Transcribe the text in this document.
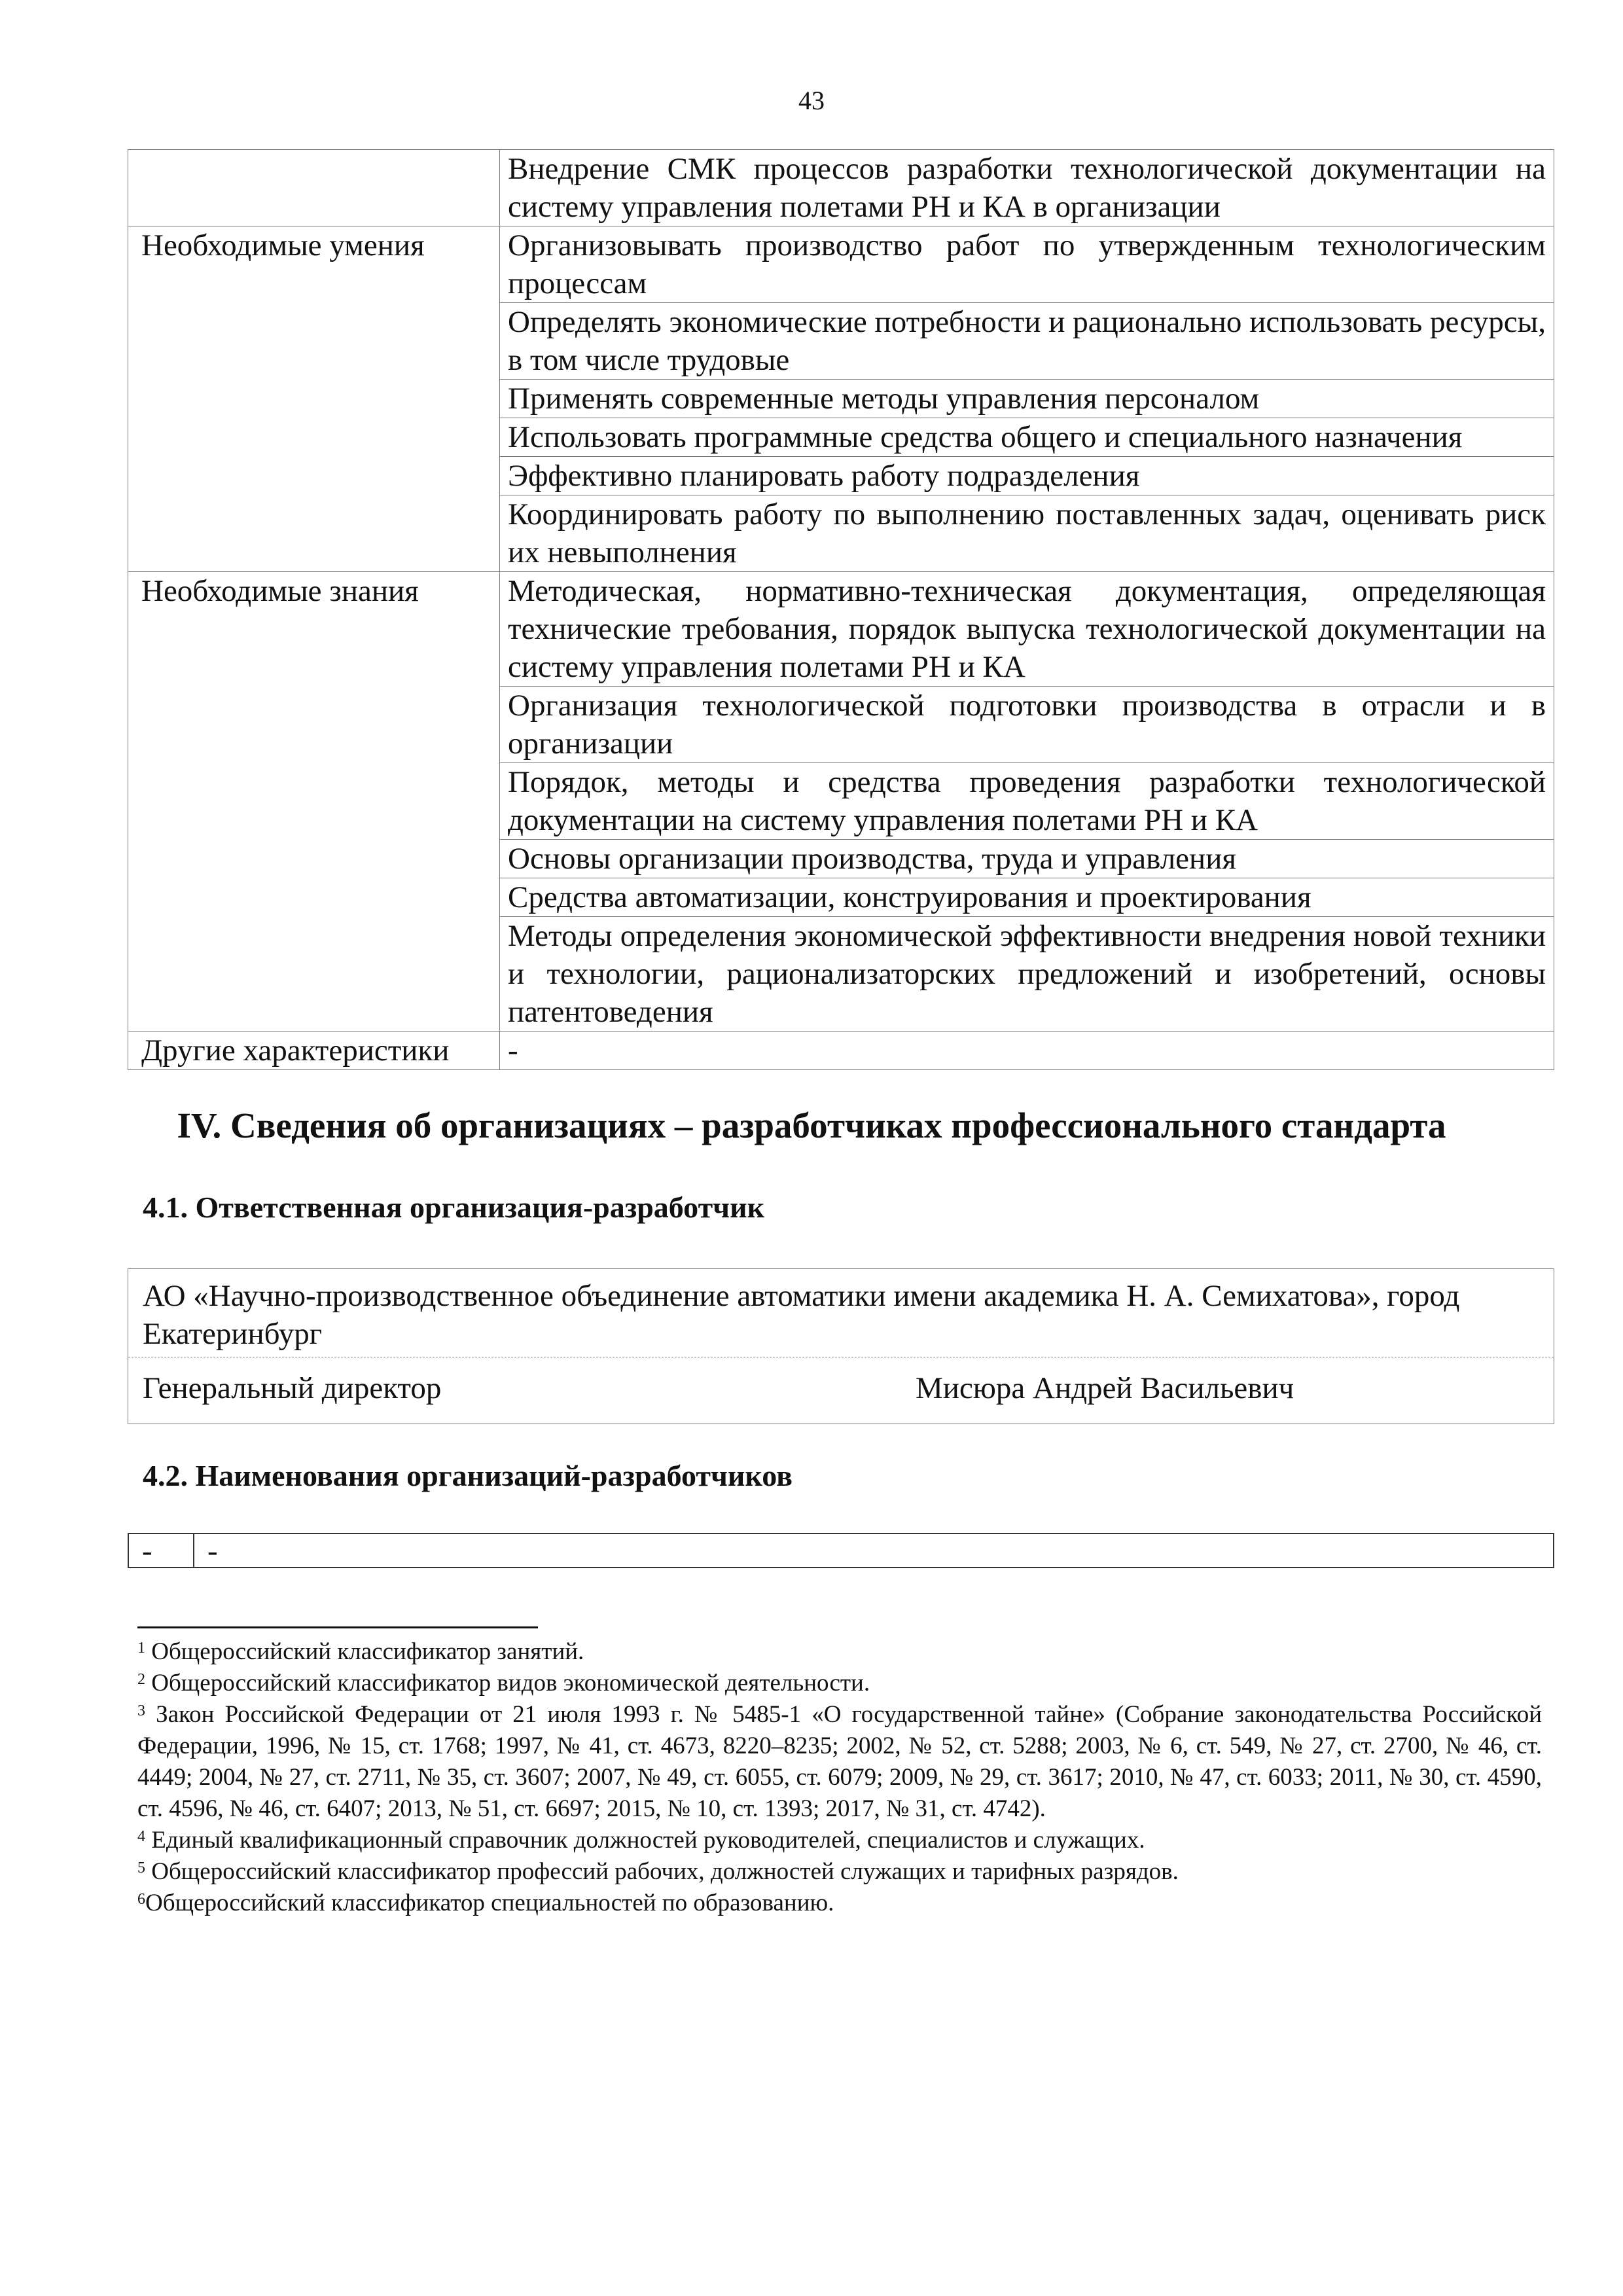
43
	Внедрение СМК процессов разработки технологической документации на систему управления полетами РН и КА в организации
Необходимые умения	Организовывать производство работ по утвержденным технологическим процессам
	Определять экономические потребности и рационально использовать ресурсы, в том числе трудовые
	Применять современные методы управления персоналом
	Использовать программные средства общего и специального назначения
	Эффективно планировать работу подразделения
	Координировать работу по выполнению поставленных задач, оценивать риск их невыполнения
Необходимые знания	Методическая, нормативно-техническая документация, определяющая технические требования, порядок выпуска технологической документации на систему управления полетами РН и КА
	Организация технологической подготовки производства в отрасли и в организации
	Порядок, методы и средства проведения разработки технологической документации на систему управления полетами РН и КА
	Основы организации производства, труда и управления
	Средства автоматизации, конструирования и проектирования
	Методы определения экономической эффективности внедрения новой техники и технологии, рационализаторских предложений и изобретений, основы патентоведения
Другие характеристики	-
IV. Сведения об организациях – разработчиках профессионального стандарта
4.1. Ответственная организация-разработчик
АО «Научно-производственное объединение автоматики имени академика Н. А. Семихатова», город Екатеринбург
Генеральный директор	Мисюра Андрей Васильевич
4.2. Наименования организаций-разработчиков
-	-

$^1$ Общероссийский классификатор занятий.

$^2$ Общероссийский классификатор видов экономической деятельности.

$^3$ Закон Российской Федерации от 21 июля 1993 г. № 5485-1 «О государственной тайне» (Собрание законодательства Российской Федерации, 1996, № 15, ст. 1768; 1997, № 41, ст. 4673, 8220–8235; 2002, № 52, ст. 5288; 2003, № 6, ст. 549, № 27, ст. 2700, № 46, ст. 4449; 2004, № 27, ст. 2711, № 35, ст. 3607; 2007, № 49, ст. 6055, ст. 6079; 2009, № 29, ст. 3617; 2010, № 47, ст. 6033; 2011, № 30, ст. 4590, ст. 4596, № 46, ст. 6407; 2013, № 51, ст. 6697; 2015, № 10, ст. 1393; 2017, № 31, ст. 4742).

$^4$ Единый квалификационный справочник должностей руководителей, специалистов и служащих.

$^5$ Общероссийский классификатор профессий рабочих, должностей служащих и тарифных разрядов.

$^6$Общероссийский классификатор специальностей по образованию.
